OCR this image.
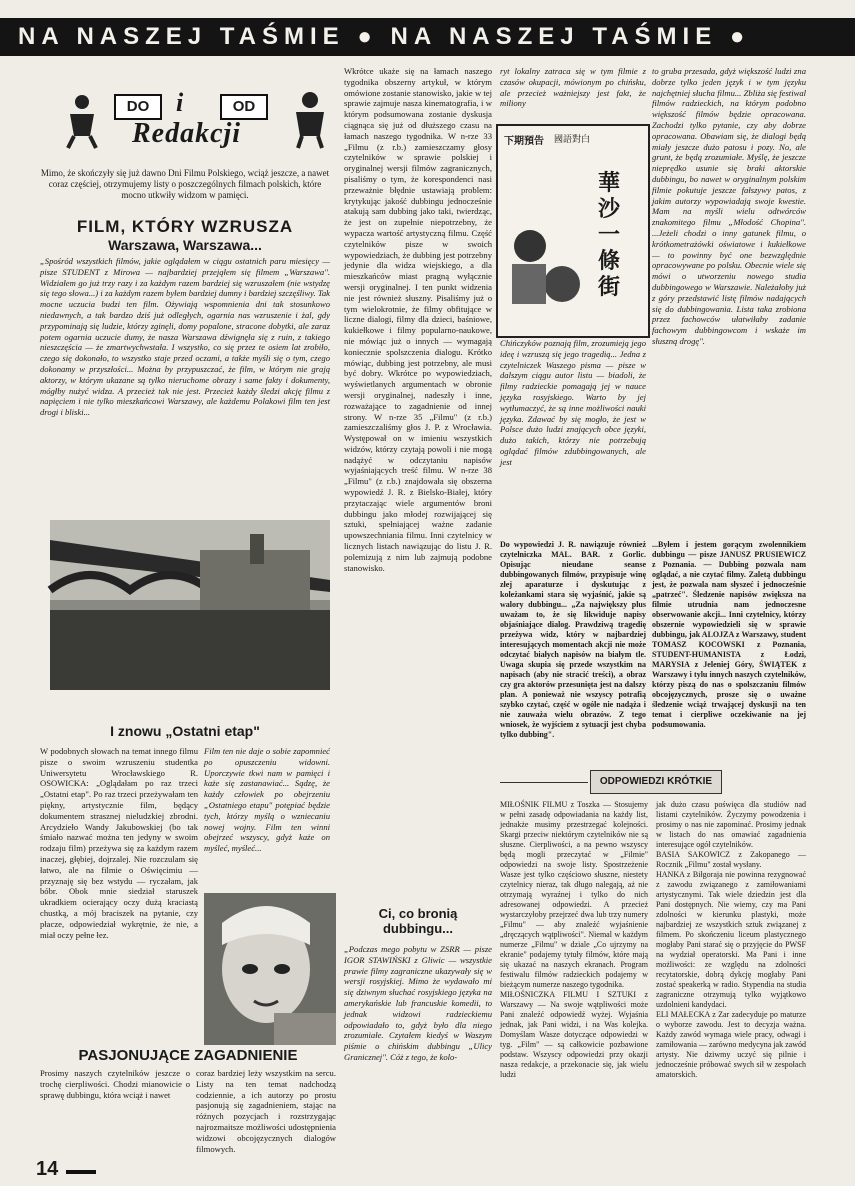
NA NASZEJ TAŚMIE ● NA NASZEJ TAŚMIE ●
DO	i	OD
Redakcji
Mimo, że skończyły się już dawno Dni Filmu Polskiego, wciąż jeszcze, a nawet coraz częściej, otrzymujemy listy o poszczególnych filmach polskich, które mocno utkwiły widzom w pamięci.
FILM, KTÓRY WZRUSZA
Warszawa, Warszawa...
„Spośród wszystkich filmów, jakie oglądałem w ciągu ostatnich paru miesięcy — pisze STUDENT z Mirowa — najbardziej przejąłem się filmem „Warszawa". Widziałem go już trzy razy i za każdym razem bardziej się wzruszałem (nie wstydzę się tego słowa...) i za każdym razem byłem bardziej dumny i bardziej szczęśliwy. Tak mocne uczucia budzi ten film. Ożywiają wspomnienia dni tak stosunkowo niedawnych, a tak bardzo dziś już odległych, ogarnia nas wzruszenie i żal, gdy przypominają się ludzie, którzy zginęli, domy popalone, stracone dobytki, ale zaraz potem ogarnia uczucie dumy, że nasza Warszawa dźwignęła się z ruin, z takiego nieszczęścia — że zmartwychwstała. I wszystko, co się przez te osiem lat zrobiło, czego się dokonało, to wszystko staje przed oczami, a także myśli się o tym, czego dokonamy w przyszłości... Można by przypuszczać, że film, w którym nie grają aktorzy, w którym ukazane są tylko nieruchome obrazy i same fakty i dokumenty, mógłby nużyć widza. A przecież tak nie jest. Przecież każdy śledzi akcję filmu z napięciem i nie tylko mieszkańcowi Warszawy, ale każdemu Polakowi film ten jest drogi i bliski...
I znowu „Ostatni etap"
W podobnych słowach na temat innego filmu pisze o swoim wzruszeniu studentka Uniwersytetu Wrocławskiego R. OSOWICKA: „Oglądałam po raz trzeci „Ostatni etap". Po raz trzeci przeżywałam ten piękny, artystycznie film, będący dokumentem strasznej nieludzkiej zbrodni. Arcydzieło Wandy Jakubowskiej (bo tak śmiało nazwać można ten jedyny w swoim rodzaju film) przeżywa się za każdym razem inaczej, głębiej, dojrzalej. Nie rozczulam się łatwo, ale na filmie o Oświęcimiu — przyznaję się bez wstydu — ryczałam, jak bóbr. Obok mnie siedział staruszek ukradkiem ocierający oczy dużą kraciastą chustką, a mój braciszek na pytanie, czy płacze, odpowiedział wykrętnie, że nie, a miał oczy pełne łez.
Film ten nie daje o sobie zapomnieć po opuszczeniu widowni. Uporczywie tkwi nam w pamięci i każe się zastanawiać... Sądzę, że każdy człowiek po obejrzeniu „Ostatniego etapu" potępiać będzie tych, którzy myślą o wzniecaniu nowej wojny. Film ten winni obejrzeć wszyscy, gdyż każe on myśleć, myśleć...
PASJONUJĄCE ZAGADNIENIE
Prosimy naszych czytelników jeszcze o trochę cierpliwości. Chodzi mianowicie o sprawę dubbingu, która wciąż i nawet
coraz bardziej leży wszystkim na sercu. Listy na ten temat nadchodzą codziennie, a ich autorzy po prostu pasjonują się zagadnieniem, stając na różnych pozycjach i rozstrzygając najrozmaitsze możliwości udostępnienia widzowi obcojęzycznych dialogów filmowych.
Wkrótce ukaże się na łamach naszego tygodnika obszerny artykuł, w którym omówione zostanie stanowisko, jakie w tej sprawie zajmuje nasza kinematografia, i w którym podsumowana zostanie dyskusja ciągnąca się już od dłuższego czasu na łamach naszego tygodnika. W n-rze 33 „Filmu (z r.b.) zamieszczamy głosy czytelników w sprawie polskiej i oryginalnej wersji filmów zagranicznych, pisaliśmy o tym, że korespondenci nasi przeważnie błędnie ustawiają problem: krytykując jakość dubbingu jednocześnie atakują sam dubbing jako taki, twierdząc, że jest on zupełnie niepotrzebny, że wypacza wartość artystyczną filmu. Część czytelników pisze w swoich wypowiedziach, że dubbing jest potrzebny jedynie dla widza wiejskiego, a dla mieszkańców miast pragną wyłącznie wersji oryginalnej. I ten punkt widzenia nie jest również słuszny. Pisaliśmy już o tym wielokrotnie, że filmy obfitujące w liczne dialogi, filmy dla dzieci, baśniowe, kukiełkowe i filmy popularno-naukowe, nie mówiąc już o innych — wymagają koniecznie spolszczenia dialogu. Krótko mówiąc, dubbing jest potrzebny, ale musi być dobry. Wkrótce po wypowiedziach, wyświetlanych argumentach w obronie wersji oryginalnej, nadeszły i inne, rozważające to zagadnienie od innej strony. W n-rze 35 „Filmu" (z r.b.) zamieszczaliśmy głos J. P. z Wrocławia. Występował on w imieniu wszystkich widzów, którzy czytają powoli i nie mogą nadążyć w odczytaniu napisów wyjaśniających treść filmu. W n-rze 38 „Filmu" (z r.b.) znajdowała się obszerna wypowiedź J. R. z Bielsko-Białej, który przytaczając wiele argumentów broni dubbingu jako młodej rozwijającej się sztuki, spełniającej ważne zadanie upowszechniania filmu. Inni czytelnicy w licznych listach nawiązując do listu J. R. polemizują z nim lub zajmują podobne stanowisko.
Ci, co bronią dubbingu...
„Podczas mego pobytu w ZSRR — pisze IGOR STAWIŃSKI z Gliwic — wszystkie prawie filmy zagraniczne ukazywały się w wersji rosyjskiej. Mimo że wydawało mi się dziwnym słuchać rosyjskiego języka na amerykańskie lub francuskie komedii, to jednak widzowi radzieckiemu odpowiadało to, gdyż było dla niego zrozumiałe. Czytałem kiedyś w Waszym piśmie o chińskim dubbingu „Ulicy Granicznej". Cóż z tego, że kolo-
ryt lokalny zatraca się w tym filmie z czasów okupacji, mówionym po chińsku, ale przecież ważniejszy jest fakt, że miliony
下期預告 國語對白
華沙一條街
Chińczyków poznają film, zrozumieją jego ideę i wzruszą się jego tragedią... Jedna z czytelniczek Waszego pisma — pisze w dalszym ciągu autor listu — biadoli, że filmy radzieckie pomagają jej w nauce języka rosyjskiego. Warto by jej wytłumaczyć, że są inne możliwości nauki języka. Zdawać by się mogło, że jest w Polsce dużo ludzi znających obce języki, dużo takich, którzy nie potrzebują oglądać filmów zdubbingowanych, ale jest
to gruba przesada, gdyż większość ludzi zna dobrze tylko jeden język i w tym języku najchętniej słucha filmu... Zbliża się festiwal filmów radzieckich, na którym podobno większość filmów będzie opracowana. Zachodzi tylko pytanie, czy aby dobrze opracowana. Obawiam się, że dialogi będą miały jeszcze dużo patosu i pozy. No, ale grunt, że będą zrozumiałe. Myślę, że jeszcze nieprędko usunie się braki aktorskie dubbingu, bo nawet w oryginalnym polskim filmie pokutuje jeszcze fałszywy patos, z jakim autorzy wypowiadają swoje kwestie. Mam na myśli wielu odtwórców znakomitego filmu „Młodość Chopina". ...Jeżeli chodzi o inny gatunek filmu, o krótkometrażówki oświatowe i kukiełkowe — to powinny być one bezwzględnie opracowywane po polsku. Obecnie wiele się mówi o utworzeniu nowego studia dubbingowego w Warszawie. Należałoby już z góry przedstawić listę filmów nadających się do dubbingowania. Lista taka zrobiona przez fachowców ułatwiłaby zadanie fachowym dubbingowcom i wskaże im słuszną drogę".
Do wypowiedzi J. R. nawiązuje również czytelniczka MAL. BAR. z Gorlic. Opisując nieudane seanse dubbingowanych filmów, przypisuje winę złej aparaturze i dyskutując z koleżankami stara się wyjaśnić, jakie są walory dubbingu... „Za największy plus uważam to, że się likwiduje napisy objaśniające dialog. Prawdziwą tragedię przeżywa widz, który w najbardziej interesujących momentach akcji nie może odczytać białych napisów na białym tle. Uwaga skupia się przede wszystkim na napisach (aby nie stracić treści), a obraz czy gra aktorów przesunięta jest na dalszy plan. A ponieważ nie wszyscy potrafią szybko czytać, część w ogóle nie nadąża i nie zauważa wielu obrazów. Z tego wniosek, że wyjściem z sytuacji jest chyba tylko dubbing".
...Byłem i jestem gorącym zwolennikiem dubbingu — pisze JANUSZ PRUSIEWICZ z Poznania. — Dubbing pozwala nam oglądać, a nie czytać filmy. Zaletą dubbingu jest, że pozwala nam słyszeć i jednocześnie „patrzeć". Śledzenie napisów zwiększa na filmie utrudnia nam jednoczesne obserwowanie akcji... Inni czytelnicy, którzy obszernie wypowiedzieli się w sprawie dubbingu, jak ALOJZA z Warszawy, student TOMASZ KOCOWSKI z Poznania, STUDENT-HUMANISTA z Łodzi, MARYSIA z Jeleniej Góry, ŚWIĄTEK z Warszawy i tylu innych naszych czytelników, którzy piszą do nas o spolszczaniu filmów obcojęzycznych, prosze się o uważne śledzenie wciąż trwającej dyskusji na ten temat i cierpliwe oczekiwanie na jej podsumowania.
ODPOWIEDZI KRÓTKIE
MIŁOŚNIK FILMU z Toszka — Stosujemy w pełni zasadę odpowiadania na każdy list, jednakże musimy przestrzegać kolejności. Skargi przeciw niektórym czytelników nie są słuszne. Cierpliwości, a na pewno wszyscy będą mogli przeczytać w „Filmie" odpowiedzi na swoje listy. Spostrzeżenie Wasze jest tylko częściowo słuszne, niestety czytelnicy nieraz, tak długo nalegają, aż nie otrzymają wyraźnej i tylko do nich adresowanej odpowiedzi. A przecież wystarczyłoby przejrzeć dwa lub trzy numery „Filmu" — aby znaleźć wyjaśnienie „dręczących wątpliwości". Niemal w każdym numerze „Filmu" w dziale „Co ujrzymy na ekranie" podajemy tytuły filmów, które mają się ukazać na naszych ekranach. Program festiwalu filmów radzieckich podajemy w bieżącym numerze naszego tygodnika.
MIŁOŚNICZKA FILMU I SZTUKI z Warszawy — Na swoje wątpliwości może Pani znaleźć odpowiedź wyżej. Wyjaśnia jednak, jak Pani widzi, i na Was kolejka. Domyślam Wasze dotyczące odpowiedzi w tyg. „Film" — są całkowicie pozbawione podstaw. Wszyscy odpowiedzi przy okazji nasza redakcje, a przekonacie się, jak wielu ludzi
jak dużo czasu poświęca dla studiów nad listami czytelników. Życzymy powodzenia i prosimy o nas nie zapominać. Prosimy jednak w listach do nas omawiać zagadnienia interesujące ogół czytelników.
BASIA SAKOWICZ z Zakopanego — Rocznik „Filmu" został wysłany.
HANKA z Biłgoraja nie powinna rezygnować z zawodu związanego z zamiłowaniami artystycznymi. Tak wiele dziedzin jest dla Pani dostępnych. Nie wiemy, czy ma Pani zdolności w kierunku plastyki, może najbardziej ze wszystkich sztuk związanej z filmem. Po skończeniu liceum plastycznego mogłaby Pani starać się o przyjęcie do PWSF na wydział operatorski. Ma Pani i inne możliwości: ze względu na zdolności recytatorskie, dobrą dykcję mogłaby Pani zostać speakerką w radio. Stypendia na studia zagraniczne otrzymują tylko wyjątkowo uzdolnieni kandydaci.
ELI MAŁECKA z Zar zadecyduje po maturze o wyborze zawodu. Jest to decyzja ważna. Każdy zawód wymaga wiele pracy, odwagi i zamiłowania — zarówno medycyna jak zawód artysty. Nie dziwmy uczyć się pilnie i jednocześnie próbować swych sił w zespołach amatorskich.
14
